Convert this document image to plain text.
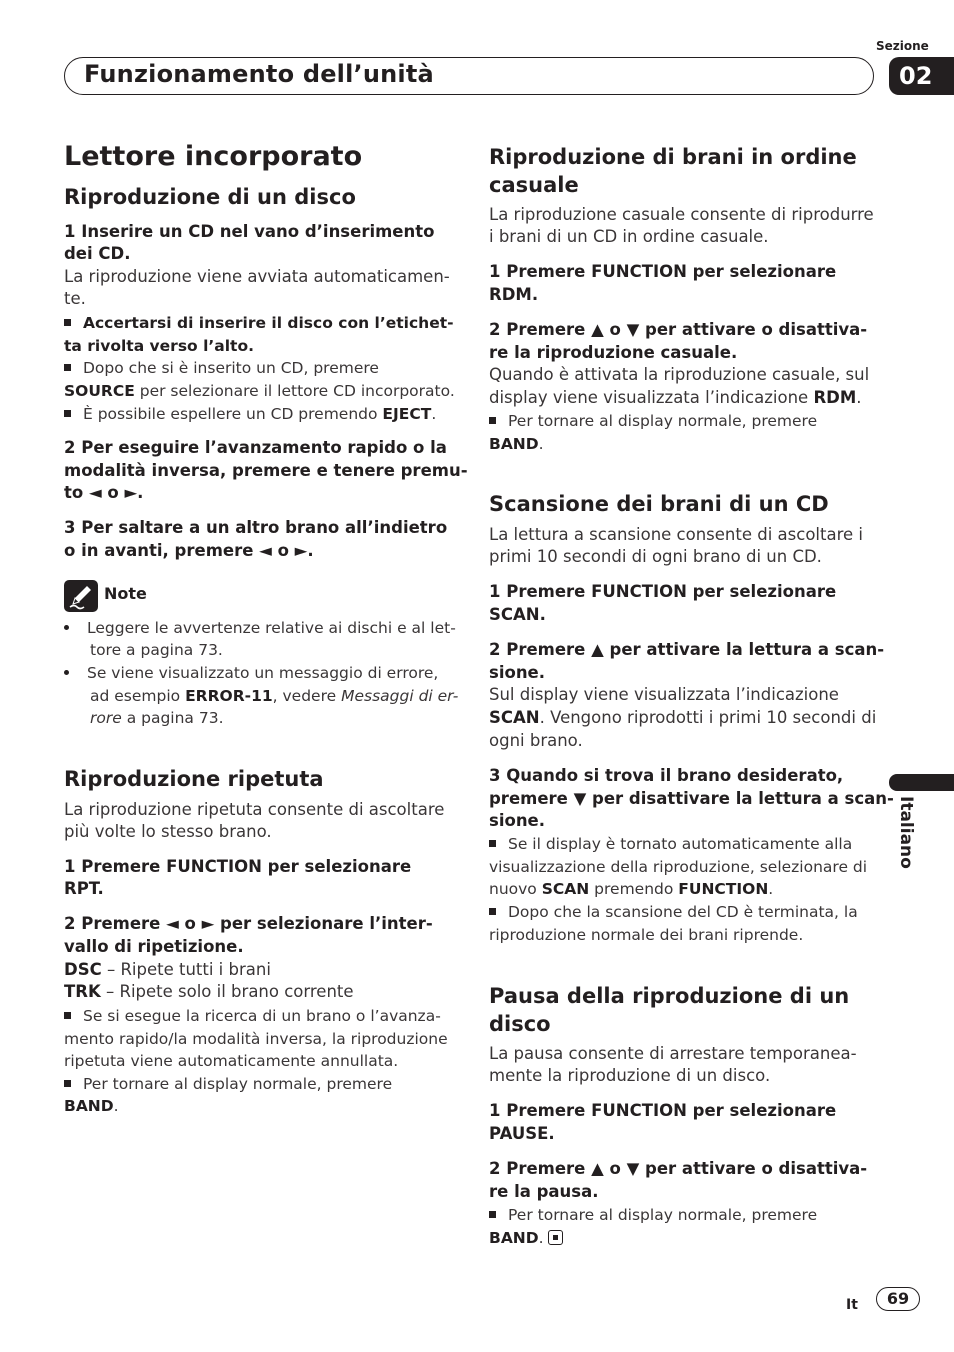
Funzionamento dell’unità
Sezione
02
Lettore incorporato
Riproduzione di un disco

1 Inserire un CD nel vano d’inserimento

dei CD.

La riproduzione viene avviata automaticamen-

te.

Accertarsi di inserire il disco con l’etichet-

ta rivolta verso l’alto.

Dopo che si è inserito un CD, premere

SOURCE per selezionare il lettore CD incorporato.

È possibile espellere un CD premendo EJECT.

2 Per eseguire l’avanzamento rapido o la

modalità inversa, premere e tenere premu-

to ◄ o ►.

3 Per saltare a un altro brano all’indietro

o in avanti, premere ◄ o ►.

Note

Leggere le avvertenze relative ai dischi e al let-

tore a pagina 73.

Se viene visualizzato un messaggio di errore,

ad esempio ERROR-11, vedere Messaggi di er-

rore a pagina 73.

Riproduzione ripetuta

La riproduzione ripetuta consente di ascoltare

più volte lo stesso brano.

1 Premere FUNCTION per selezionare

RPT.

2 Premere ◄ o ► per selezionare l’inter-

vallo di ripetizione.

DSC – Ripete tutti i brani

TRK – Ripete solo il brano corrente

Se si esegue la ricerca di un brano o l’avanza-

mento rapido/la modalità inversa, la riproduzione

ripetuta viene automaticamente annullata.

Per tornare al display normale, premere

BAND.

Riproduzione di brani in ordine
casuale

La riproduzione casuale consente di riprodurre

i brani di un CD in ordine casuale.

1 Premere FUNCTION per selezionare

RDM.

2 Premere ▲ o ▼ per attivare o disattiva-

re la riproduzione casuale.

Quando è attivata la riproduzione casuale, sul

display viene visualizzata l’indicazione RDM.

Per tornare al display normale, premere

BAND.

Scansione dei brani di un CD

La lettura a scansione consente di ascoltare i

primi 10 secondi di ogni brano di un CD.

1 Premere FUNCTION per selezionare

SCAN.

2 Premere ▲ per attivare la lettura a scan-

sione.

Sul display viene visualizzata l’indicazione

SCAN. Vengono riprodotti i primi 10 secondi di

ogni brano.

3 Quando si trova il brano desiderato,

premere ▼ per disattivare la lettura a scan-

sione.

Se il display è tornato automaticamente alla

visualizzazione della riproduzione, selezionare di

nuovo SCAN premendo FUNCTION.

Dopo che la scansione del CD è terminata, la

riproduzione normale dei brani riprende.

Pausa della riproduzione di un
disco

La pausa consente di arrestare temporanea-

mente la riproduzione di un disco.

1 Premere FUNCTION per selezionare

PAUSE.

2 Premere ▲ o ▼ per attivare o disattiva-

re la pausa.

Per tornare al display normale, premere

BAND.

Italiano
It	69
